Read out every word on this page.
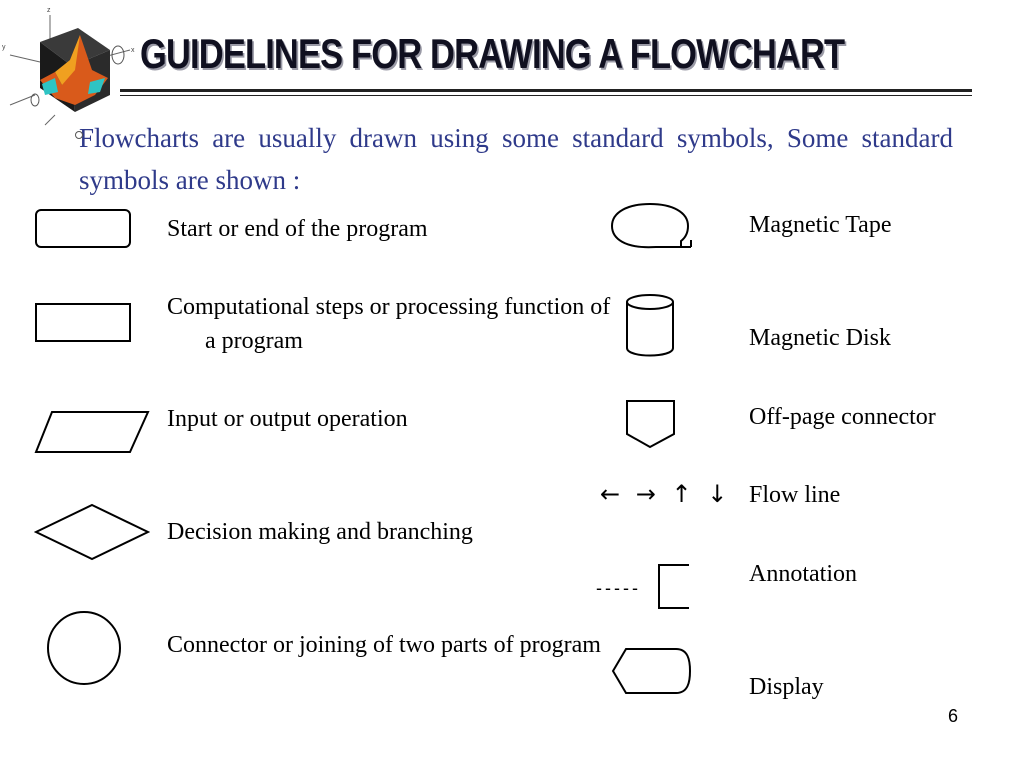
z
y	x GUIDELINES FOR DRAWING A FLOWCHART

Flowcharts are usually drawn using some standard symbols, Some standard symbols are shown :

Start or end of the program

Computational steps or processing function of a program

Input or output operation

Decision making and branching

Connector or joining of two parts of program

Magnetic Tape

Magnetic Disk

Off-page connector

← → ↑ ↓ Flow line

- - - - -

Annotation

Display

6
